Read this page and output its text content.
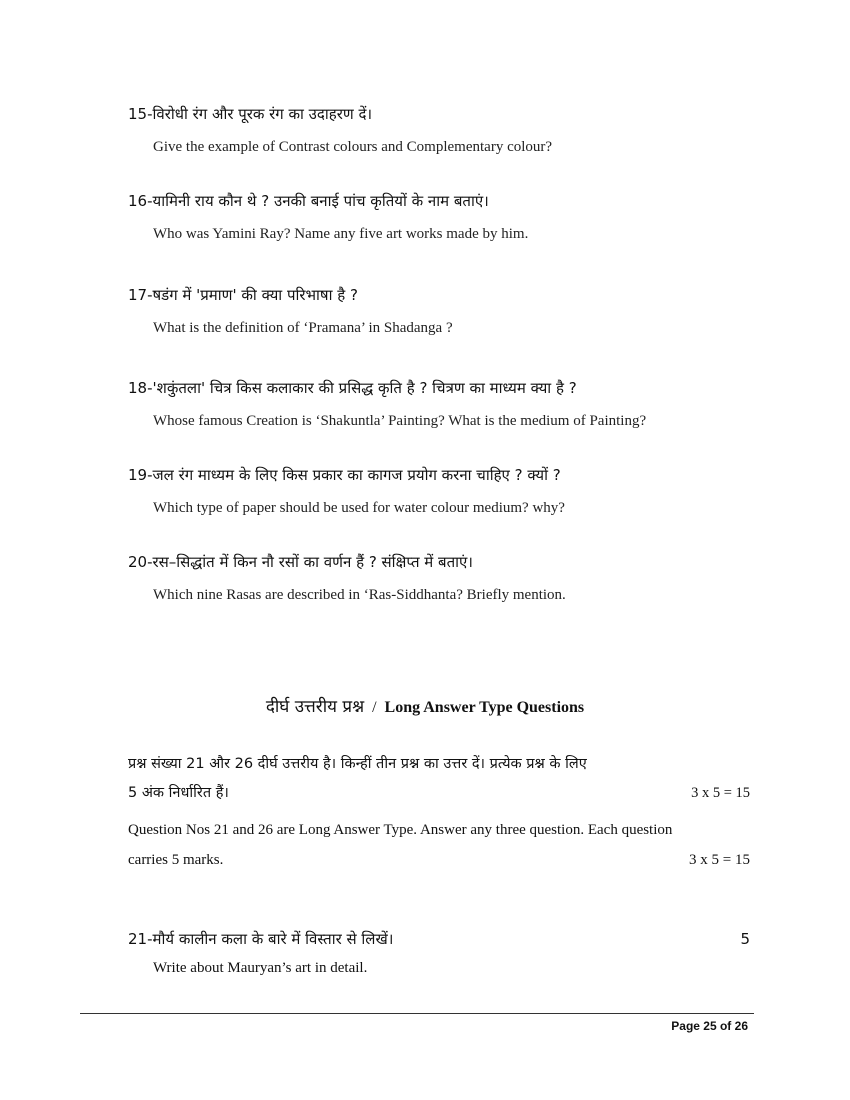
15-विरोधी रंग और पूरक रंग का उदाहरण दें।
Give the example of Contrast colours and Complementary colour?
16-यामिनी राय कौन थे ? उनकी बनाई पांच कृतियों के नाम बताएं।
Who was Yamini Ray? Name any five art works made by him.
17-षडंग में 'प्रमाण' की क्या परिभाषा है ?
What is the definition of ‘Pramana’ in Shadanga ?
18-'शकुंतला' चित्र किस कलाकार की प्रसिद्ध कृति है ? चित्रण का माध्यम क्या है ?
Whose famous Creation is ‘Shakuntla’ Painting? What is the medium of Painting?
19-जल रंग माध्यम के लिए किस प्रकार का कागज प्रयोग करना चाहिए ? क्यों ?
Which type of paper should be used for water colour medium? why?
20-रस–सिद्धांत में किन नौ रसों का वर्णन हैं ? संक्षिप्त में बताएं।
Which nine Rasas are described in ‘Ras-Siddhanta? Briefly mention.
दीर्घ उत्तरीय प्रश्न / Long Answer Type Questions
प्रश्न संख्या 21 और 26 दीर्घ उत्तरीय है। किन्हीं तीन प्रश्न का उत्तर दें। प्रत्येक प्रश्न के लिए
5 अंक निर्धारित हैं।	3 x 5 = 15
Question Nos 21 and 26 are Long Answer Type. Answer any three question. Each question
carries 5 marks.	3 x 5 = 15
21-मौर्य कालीन कला के बारे में विस्तार से लिखें।	5
Write about Mauryan’s art in detail.
Page 25 of 26
